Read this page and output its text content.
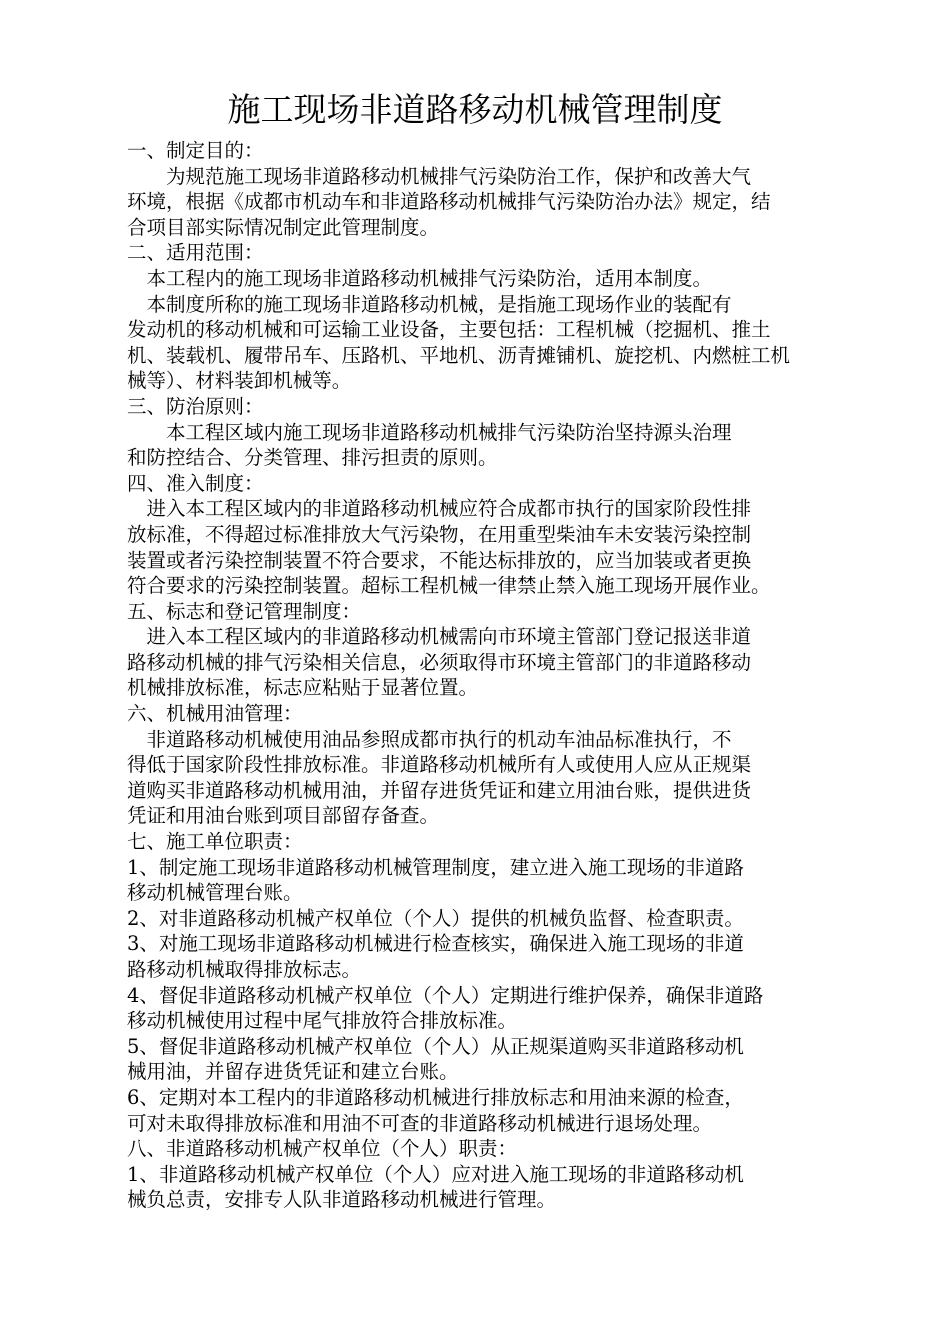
施工现场非道路移动机械管理制度

一、制定目的：

　　为规范施工现场非道路移动机械排气污染防治工作，保护和改善大气

环境，根据《成都市机动车和非道路移动机械排气污染防治办法》规定，结

合项目部实际情况制定此管理制度。

二、适用范围：

　本工程内的施工现场非道路移动机械排气污染防治，适用本制度。

　本制度所称的施工现场非道路移动机械，是指施工现场作业的装配有

发动机的移动机械和可运输工业设备，主要包括：工程机械（挖掘机、推土

机、装载机、履带吊车、压路机、平地机、沥青摊铺机、旋挖机、内燃桩工机

械等）、材料装卸机械等。

三、防治原则：

　　本工程区域内施工现场非道路移动机械排气污染防治坚持源头治理

和防控结合、分类管理、排污担责的原则。

四、准入制度：

　进入本工程区域内的非道路移动机械应符合成都市执行的国家阶段性排

放标准，不得超过标准排放大气污染物，在用重型柴油车未安装污染控制

装置或者污染控制装置不符合要求，不能达标排放的，应当加装或者更换

符合要求的污染控制装置。超标工程机械一律禁止禁入施工现场开展作业。

五、标志和登记管理制度：

　进入本工程区域内的非道路移动机械需向市环境主管部门登记报送非道

路移动机械的排气污染相关信息，必须取得市环境主管部门的非道路移动

机械排放标准，标志应粘贴于显著位置。

六、机械用油管理：

　非道路移动机械使用油品参照成都市执行的机动车油品标准执行，不

得低于国家阶段性排放标准。非道路移动机械所有人或使用人应从正规渠

道购买非道路移动机械用油，并留存进货凭证和建立用油台账，提供进货

凭证和用油台账到项目部留存备查。

七、施工单位职责：

1、制定施工现场非道路移动机械管理制度，建立进入施工现场的非道路

移动机械管理台账。

2、对非道路移动机械产权单位（个人）提供的机械负监督、检查职责。

3、对施工现场非道路移动机械进行检查核实，确保进入施工现场的非道

路移动机械取得排放标志。

4、督促非道路移动机械产权单位（个人）定期进行维护保养，确保非道路

移动机械使用过程中尾气排放符合排放标准。

5、督促非道路移动机械产权单位（个人）从正规渠道购买非道路移动机

械用油，并留存进货凭证和建立台账。

6、定期对本工程内的非道路移动机械进行排放标志和用油来源的检查，

可对未取得排放标准和用油不可查的非道路移动机械进行退场处理。

八、非道路移动机械产权单位（个人）职责：

1、非道路移动机械产权单位（个人）应对进入施工现场的非道路移动机

械负总责，安排专人队非道路移动机械进行管理。
